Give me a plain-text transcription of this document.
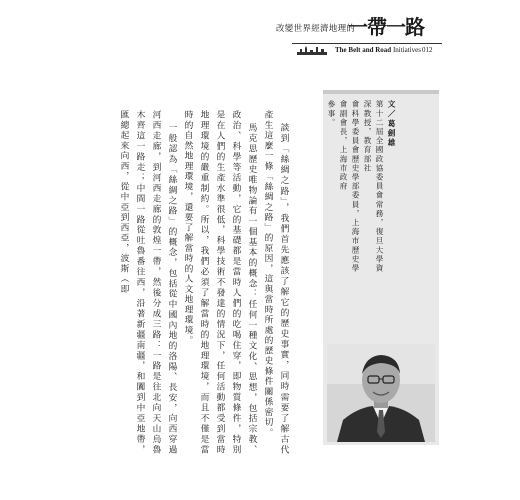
改變世界經濟地理的
一帶一路
The Belt and Road Initiatives 012
文／葛劍雄
第十二屆全國政協委員會常務，復旦大學資深教授，教育部社
會科學委員會歷史學部委員，上海市歷史學會副會長，上海市政府
參事。

談到「絲綢之路」，我們首先應該了解它的歷史事實，同時需要了解古代產生這麼一條「絲綢之路」的原因，這與當時所處的歷史條件關係密切。

馬克思歷史唯物論有一個基本的概念：任何一種文化、思想，包括宗教、政治、科學等活動，它的基礎都是當時人們的吃喝住穿，即物質條件，特別是在人們的生產水準很低，科學技術不發達的情況下，任何活動都受到當時地理環境的嚴重制約。所以，我們必須了解當時的地理環境，而且不僅是當時的自然地理環境，還要了解當時的人文地理環境。

一般認為「絲綢之路」的概念，包括從中國內地的洛陽、長安，向西穿過河西走廊，到河西走廊的敦煌一帶，然後分成三路：一路是往北向天山烏魯木齊這一路走；中間一路從吐魯番往西，沿著新疆南疆，和闐到中亞地帶，匯總起來向西，從中亞到西亞，波斯（即
